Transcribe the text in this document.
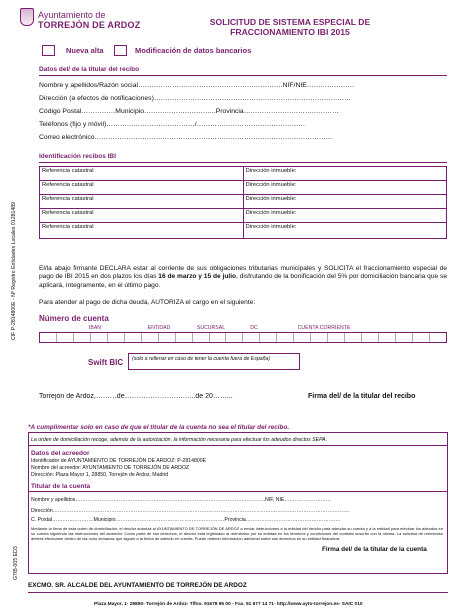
Ayuntamiento de
TORREJÓN DE ARDOZ	SOLICITUD DE SISTEMA ESPECIAL DE
FRACCIONAMIENTO IBI 2015
Nueva alta	Modificación de datos bancarios
CIF P-2814800E - Nº Registro Entidades Locales 01281489
G7IB-005 ED3
Datos del/ de la titular del recibo
Nombre y apellidos/Razón social……………………………………………………….NIF/NIE…………………
Dirección (a efectos de notificaciones)……………………………………………………………………………
Código Postal……………Municipio…………………………..Provincia……………………………………
Teléfonos (fijo y móvil)…………………………………/…………………………………………
Correo electrónico……………………………………………………………………………………………
Identificación recibos IBI
Referencia catastral	Dirección inmueble:
Referencia catastral	Dirección inmueble:
Referencia catastral	Dirección inmueble:
Referencia catastral	Dirección inmueble:
Referencia catastral	Dirección inmueble:
El/la abajo firmante DECLARA estar al corriente de sus obligaciones tributarias municipales y SOLICITA el fraccionamiento especial de pago de IBI 2015 en dos plazos los días 16 de marzo y 15 de julio, disfrutando de la bonificación del 5% por domiciliación bancaria que se aplicará, íntegramente, en el último pago.
Para atender al pago de dicha deuda, AUTORIZA el cargo en el siguiente:
Número de cuenta
IBAN	ENTIDAD	SUCURSAL	DC	CUENTA CORRIENTE
Swift BIC	(solo a rellenar en caso de tener la cuenta fuera de España)
Torrejón de Ardoz,………de…………………….…...de 20……...	Firma del/ de la titular del recibo
*A cumplimentar solo en caso de que el titular de la cuenta no sea el titular del recibo.
La orden de domiciliación recoge, además de la autorización, la información necesaria para efectuar los adeudos directos SEPA.
Datos del acreedor
Identificador de AYUNTAMIENTO DE TORREJÓN DE ARDOZ: P-2814800E
Nombre del acreedor: AYUNTAMIENTO DE TORREJÓN DE ARDOZ
Dirección: Plaza Mayor 1, 28850, Torrejón de Ardoz, Madrid
Titular de la cuenta
Nombre y apellidos………………………………………………………………………………………………..NIF, NIE………………………
Dirección……………………………………………………………………………………………………………………………………………………….
C. Postal……………………Municipio………………………………………………………Provincia……………………………………………….
Mediante la firma de esta orden de domiciliación, el deudor autoriza al AYUNTAMIENTO DE TORREJÓN DE ARDOZ a enviar instrucciones a la entidad del deudor para adeudar su cuenta y a la entidad para efectuar los adeudos en su cuenta siguiendo las instrucciones del acreedor. Como parte de sus derechos, el deudor está legitimado al reembolso por su entidad en los términos y condiciones del contrato suscrito con la misma. La solicitud de reembolso deberá efectuarse dentro de las ocho semanas que siguen a la fecha de adeudo en cuenta. Puede obtener información adicional sobre sus derechos en su entidad financiera.
Firma del/ de la titular de la cuenta
EXCMO. SR. ALCALDE DEL AYUNTAMIENTO DE TORREJÓN DE ARDOZ
Plaza Mayor, 1- 28850- Torrejón de Ardoz- Tlfno. 91678 95 00 - Fax. 91 677 14 71- http://www.ayto-torrejon.es- SAIC 010
